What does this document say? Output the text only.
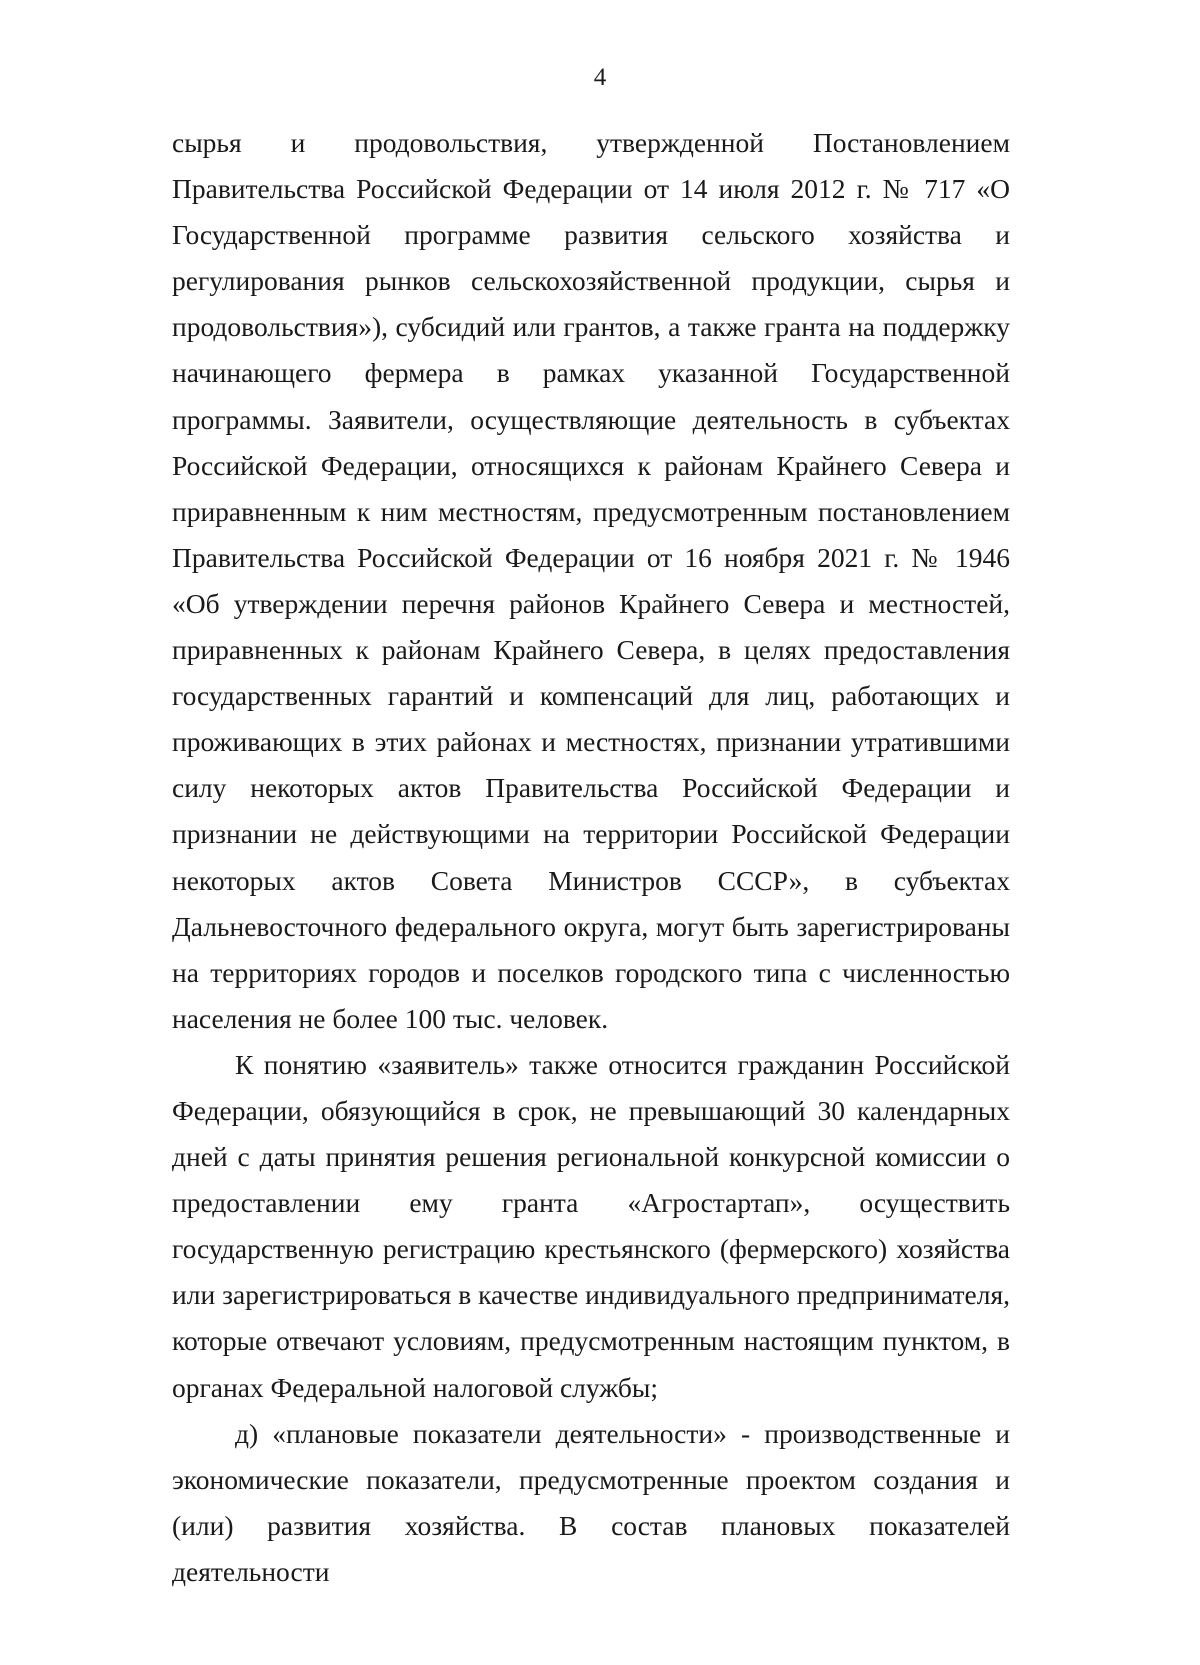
4

сырья и продовольствия, утвержденной Постановлением Правительства Российской Федерации от 14 июля 2012 г. № 717 «О Государственной программе развития сельского хозяйства и регулирования рынков сельскохозяйственной продукции, сырья и продовольствия»), субсидий или грантов, а также гранта на поддержку начинающего фермера в рамках указанной Государственной программы. Заявители, осуществляющие деятельность в субъектах Российской Федерации, относящихся к районам Крайнего Севера и приравненным к ним местностям, предусмотренным постановлением Правительства Российской Федерации от 16 ноября 2021 г. № 1946 «Об утверждении перечня районов Крайнего Севера и местностей, приравненных к районам Крайнего Севера, в целях предоставления государственных гарантий и компенсаций для лиц, работающих и проживающих в этих районах и местностях, признании утратившими силу некоторых актов Правительства Российской Федерации и признании не действующими на территории Российской Федерации некоторых актов Совета Министров СССР», в субъектах Дальневосточного федерального округа, могут быть зарегистрированы на территориях городов и поселков городского типа с численностью населения не более 100 тыс. человек.

К понятию «заявитель» также относится гражданин Российской Федерации, обязующийся в срок, не превышающий 30 календарных дней с даты принятия решения региональной конкурсной комиссии о предоставлении ему гранта «Агростартап», осуществить государственную регистрацию крестьянского (фермерского) хозяйства или зарегистрироваться в качестве индивидуального предпринимателя, которые отвечают условиям, предусмотренным настоящим пунктом, в органах Федеральной налоговой службы;

д) «плановые показатели деятельности» - производственные и экономические показатели, предусмотренные проектом создания и (или) развития хозяйства. В состав плановых показателей деятельности
